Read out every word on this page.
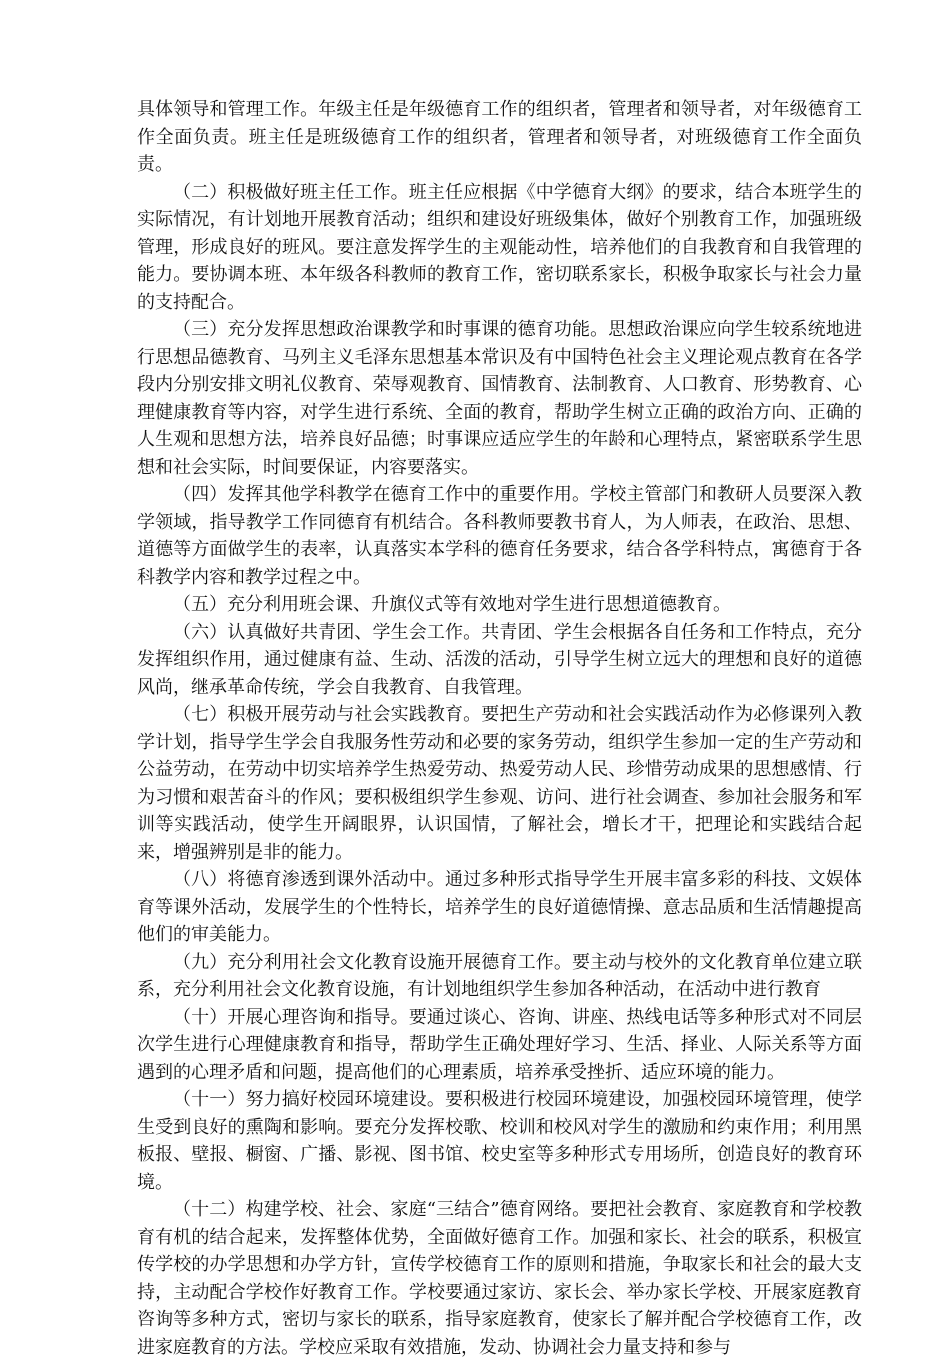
具体领导和管理工作。年级主任是年级德育工作的组织者，管理者和领导者，对年级德育工作全面负责。班主任是班级德育工作的组织者，管理者和领导者，对班级德育工作全面负责。

（二）积极做好班主任工作。班主任应根据《中学德育大纲》的要求，结合本班学生的实际情况，有计划地开展教育活动；组织和建设好班级集体，做好个别教育工作，加强班级管理，形成良好的班风。要注意发挥学生的主观能动性，培养他们的自我教育和自我管理的能力。要协调本班、本年级各科教师的教育工作，密切联系家长，积极争取家长与社会力量的支持配合。

（三）充分发挥思想政治课教学和时事课的德育功能。思想政治课应向学生较系统地进行思想品德教育、马列主义毛泽东思想基本常识及有中国特色社会主义理论观点教育在各学段内分别安排文明礼仪教育、荣辱观教育、国情教育、法制教育、人口教育、形势教育、心理健康教育等内容，对学生进行系统、全面的教育，帮助学生树立正确的政治方向、正确的人生观和思想方法，培养良好品德；时事课应适应学生的年龄和心理特点，紧密联系学生思想和社会实际，时间要保证，内容要落实。

（四）发挥其他学科教学在德育工作中的重要作用。学校主管部门和教研人员要深入教学领域，指导教学工作同德育有机结合。各科教师要教书育人，为人师表，在政治、思想、道德等方面做学生的表率，认真落实本学科的德育任务要求，结合各学科特点，寓德育于各科教学内容和教学过程之中。

（五）充分利用班会课、升旗仪式等有效地对学生进行思想道德教育。

（六）认真做好共青团、学生会工作。共青团、学生会根据各自任务和工作特点，充分发挥组织作用，通过健康有益、生动、活泼的活动，引导学生树立远大的理想和良好的道德风尚，继承革命传统，学会自我教育、自我管理。

（七）积极开展劳动与社会实践教育。要把生产劳动和社会实践活动作为必修课列入教学计划，指导学生学会自我服务性劳动和必要的家务劳动，组织学生参加一定的生产劳动和公益劳动，在劳动中切实培养学生热爱劳动、热爱劳动人民、珍惜劳动成果的思想感情、行为习惯和艰苦奋斗的作风；要积极组织学生参观、访问、进行社会调查、参加社会服务和军训等实践活动，使学生开阔眼界，认识国情，了解社会，增长才干，把理论和实践结合起来，增强辨别是非的能力。

（八）将德育渗透到课外活动中。通过多种形式指导学生开展丰富多彩的科技、文娱体育等课外活动，发展学生的个性特长，培养学生的良好道德情操、意志品质和生活情趣提高他们的审美能力。

（九）充分利用社会文化教育设施开展德育工作。要主动与校外的文化教育单位建立联系，充分利用社会文化教育设施，有计划地组织学生参加各种活动，在活动中进行教育

（十）开展心理咨询和指导。要通过谈心、咨询、讲座、热线电话等多种形式对不同层次学生进行心理健康教育和指导，帮助学生正确处理好学习、生活、择业、人际关系等方面遇到的心理矛盾和问题，提高他们的心理素质，培养承受挫折、适应环境的能力。

（十一）努力搞好校园环境建设。要积极进行校园环境建设，加强校园环境管理，使学生受到良好的熏陶和影响。要充分发挥校歌、校训和校风对学生的激励和约束作用；利用黑板报、壁报、橱窗、广播、影视、图书馆、校史室等多种形式专用场所，创造良好的教育环境。

（十二）构建学校、社会、家庭“三结合”德育网络。要把社会教育、家庭教育和学校教育有机的结合起来，发挥整体优势，全面做好德育工作。加强和家长、社会的联系，积极宣传学校的办学思想和办学方针，宣传学校德育工作的原则和措施，争取家长和社会的最大支持，主动配合学校作好教育工作。学校要通过家访、家长会、举办家长学校、开展家庭教育咨询等多种方式，密切与家长的联系，指导家庭教育，使家长了解并配合学校德育工作，改进家庭教育的方法。学校应采取有效措施，发动、协调社会力量支持和参与
